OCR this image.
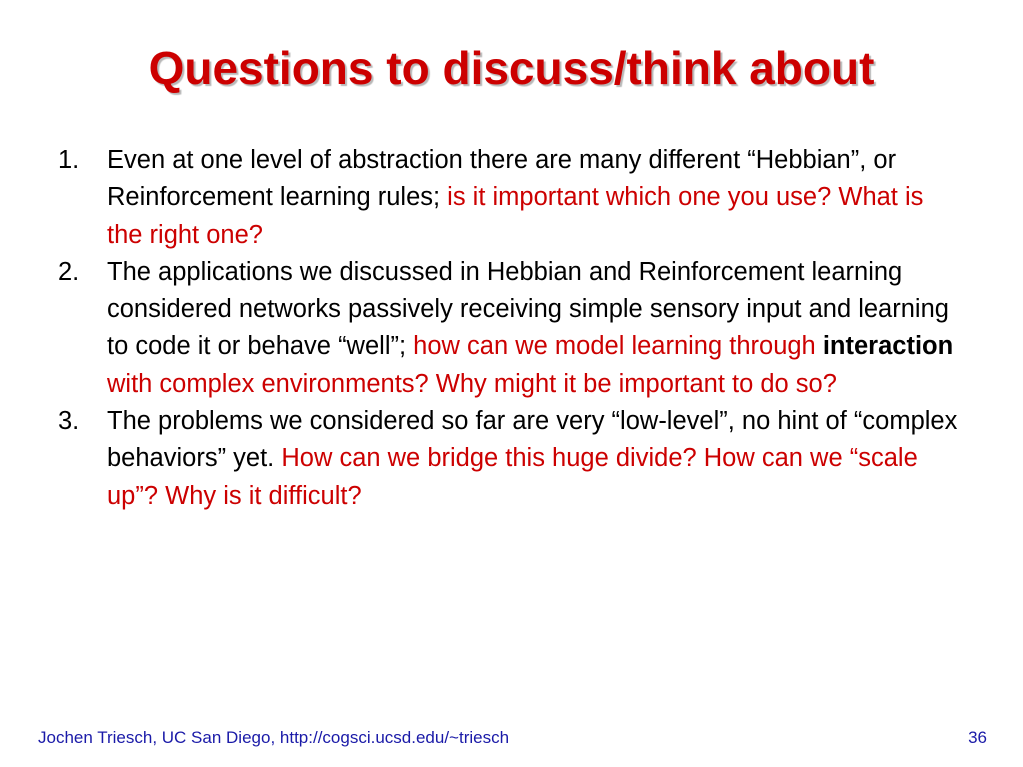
Questions to discuss/think about
1.	Even at one level of abstraction there are many different “Hebbian”, or Reinforcement learning rules; is it important which one you use? What is the right one?
2.	The applications we discussed in Hebbian and Reinforcement learning considered networks passively receiving simple sensory input and learning to code it or behave “well”; how can we model learning through interaction with complex environments? Why might it be important to do so?
3.	The problems we considered so far are very “low-level”, no hint of “complex behaviors” yet. How can we bridge this huge divide? How can we “scale up”? Why is it difficult?
Jochen Triesch, UC San Diego, http://cogsci.ucsd.edu/~triesch	36
